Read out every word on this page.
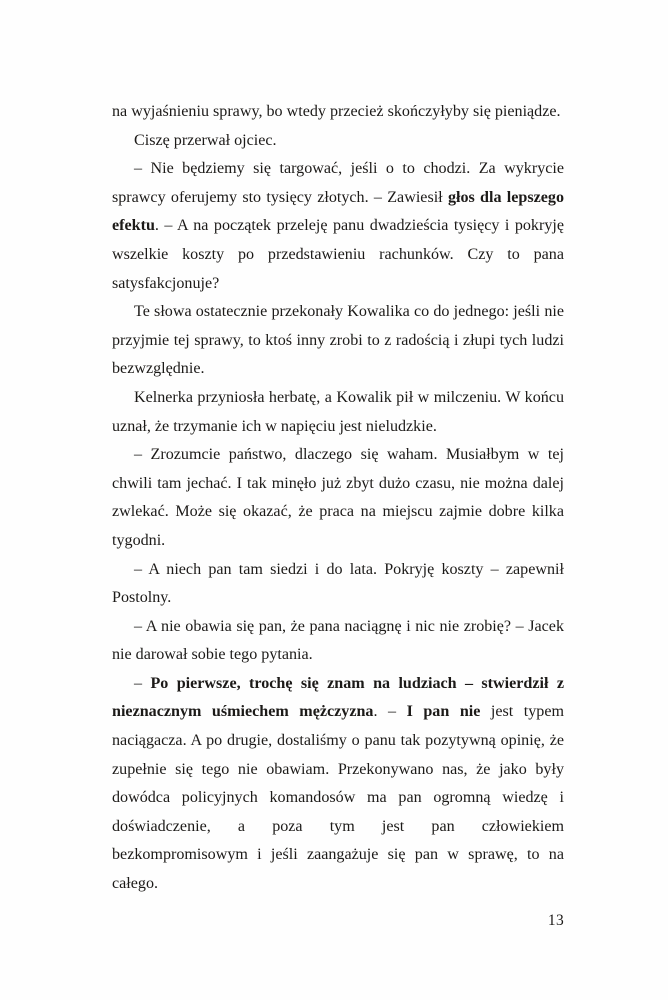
na wyjaśnieniu sprawy, bo wtedy przecież skończyłyby się pieniądze.

Ciszę przerwał ojciec.

– Nie będziemy się targować, jeśli o to chodzi. Za wykrycie sprawcy oferujemy sto tysięcy złotych. – Zawiesił głos dla lepszego efektu. – A na początek przeleję panu dwadzieścia tysięcy i pokryję wszelkie koszty po przedstawieniu rachunków. Czy to pana satysfakcjonuje?

Te słowa ostatecznie przekonały Kowalika co do jednego: jeśli nie przyjmie tej sprawy, to ktoś inny zrobi to z radością i złupi tych ludzi bezwzględnie.

Kelnerka przyniosła herbatę, a Kowalik pił w milczeniu. W końcu uznał, że trzymanie ich w napięciu jest nieludzkie.

– Zrozumcie państwo, dlaczego się waham. Musiałbym w tej chwili tam jechać. I tak minęło już zbyt dużo czasu, nie można dalej zwlekać. Może się okazać, że praca na miejscu zajmie dobre kilka tygodni.

– A niech pan tam siedzi i do lata. Pokryję koszty – zapewnił Postolny.

– A nie obawia się pan, że pana naciągnę i nic nie zrobię? – Jacek nie darował sobie tego pytania.

– Po pierwsze, trochę się znam na ludziach – stwierdził z nieznacznym uśmiechem mężczyzna. – I pan nie jest typem naciągacza. A po drugie, dostaliśmy o panu tak pozytywną opinię, że zupełnie się tego nie obawiam. Przekonywano nas, że jako były dowódca policyjnych komandosów ma pan ogromną wiedzę i doświadczenie, a poza tym jest pan człowiekiem bezkompromisowym i jeśli zaangażuje się pan w sprawę, to na całego.

13
